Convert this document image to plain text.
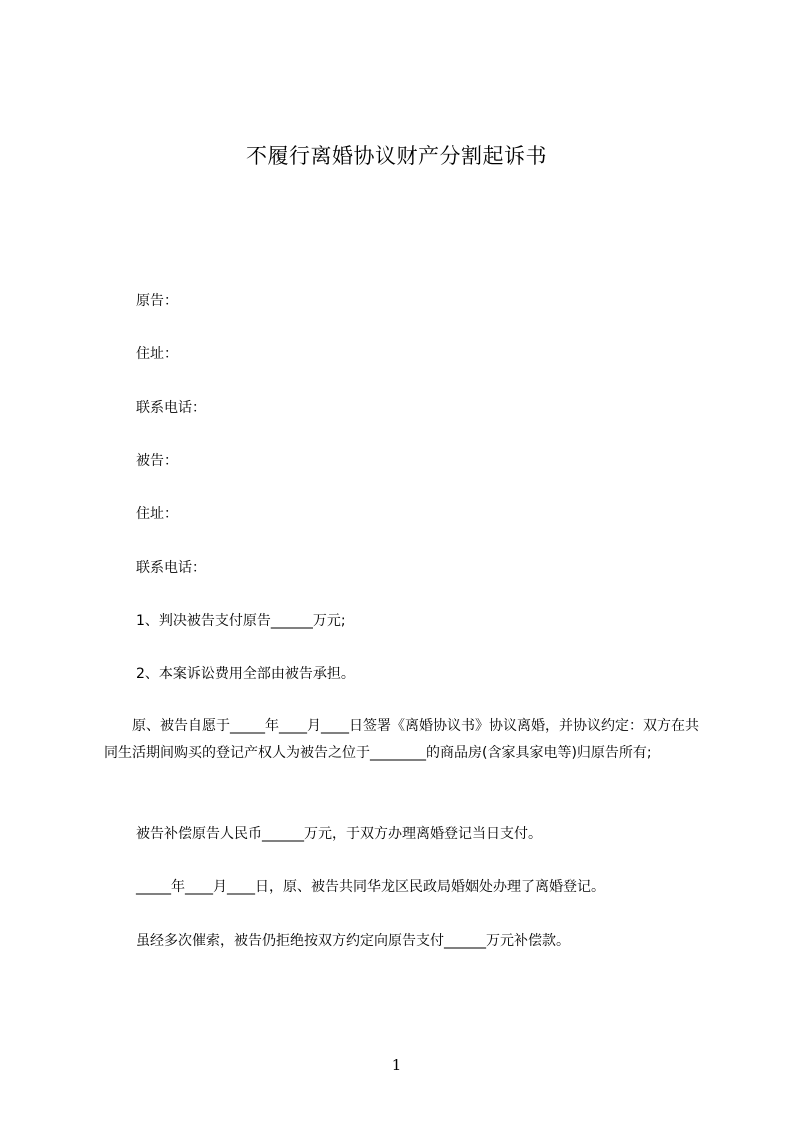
不履行离婚协议财产分割起诉书
原告：
住址：
联系电话：
被告：
住址：
联系电话：
1、判决被告支付原告______万元;
2、本案诉讼费用全部由被告承担。
原、被告自愿于_____年____月____日签署《离婚协议书》协议离婚，并协议约定：双方在共同生活期间购买的登记产权人为被告之位于________的商品房(含家具家电等)归原告所有;
被告补偿原告人民币______万元，于双方办理离婚登记当日支付。
_____年____月____日，原、被告共同华龙区民政局婚姻处办理了离婚登记。
虽经多次催索，被告仍拒绝按双方约定向原告支付______万元补偿款。
1
